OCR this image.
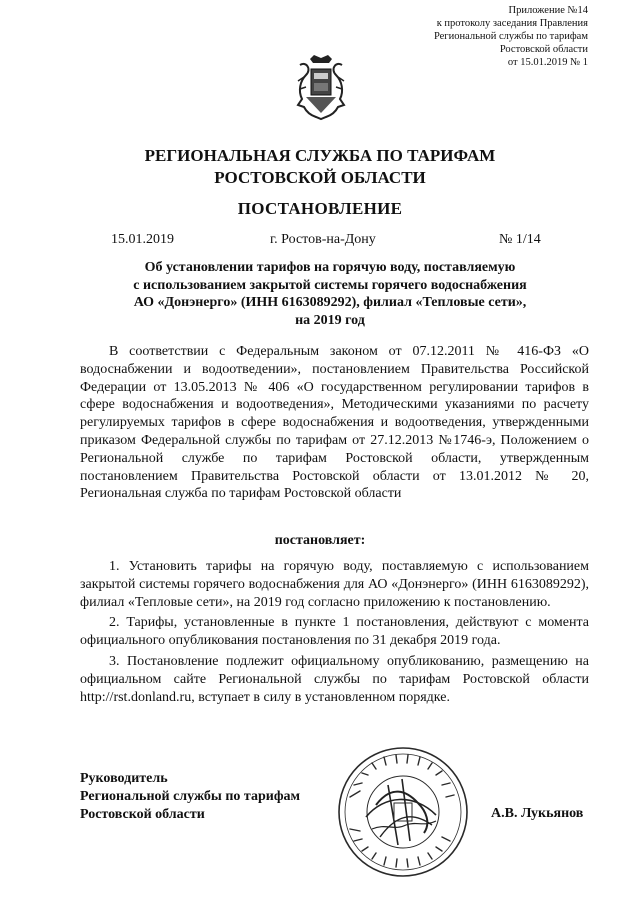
Приложение №14
к протоколу заседания Правления
Региональной службы по тарифам
Ростовской области
от 15.01.2019 № 1
РЕГИОНАЛЬНАЯ СЛУЖБА ПО ТАРИФАМ
РОСТОВСКОЙ ОБЛАСТИ
ПОСТАНОВЛЕНИЕ
15.01.2019	г. Ростов-на-Дону	№ 1/14
Об установлении тарифов на горячую воду, поставляемую
с использованием закрытой системы горячего водоснабжения
АО «Донэнерго» (ИНН 6163089292), филиал «Тепловые сети»,
на 2019 год
В соответствии с Федеральным законом от 07.12.2011 № 416-ФЗ «О водоснабжении и водоотведении», постановлением Правительства Российской Федерации от 13.05.2013 № 406 «О государственном регулировании тарифов в сфере водоснабжения и водоотведения», Методическими указаниями по расчету регулируемых тарифов в сфере водоснабжения и водоотведения, утвержденными приказом Федеральной службы по тарифам от 27.12.2013 №1746-э, Положением о Региональной службе по тарифам Ростовской области, утвержденным постановлением Правительства Ростовской области от 13.01.2012 № 20, Региональная служба по тарифам Ростовской области
постановляет:

1. Установить тарифы на горячую воду, поставляемую с использованием закрытой системы горячего водоснабжения для АО «Донэнерго» (ИНН 6163089292), филиал «Тепловые сети», на 2019 год согласно приложению к постановлению.

2. Тарифы, установленные в пункте 1 постановления, действуют с момента официального опубликования постановления по 31 декабря 2019 года.

3. Постановление подлежит официальному опубликованию, размещению на официальном сайте Региональной службы по тарифам Ростовской области http://rst.donland.ru, вступает в силу в установленном порядке.

Руководитель
Региональной службы по тарифам
Ростовской области	А.В. Лукьянов
